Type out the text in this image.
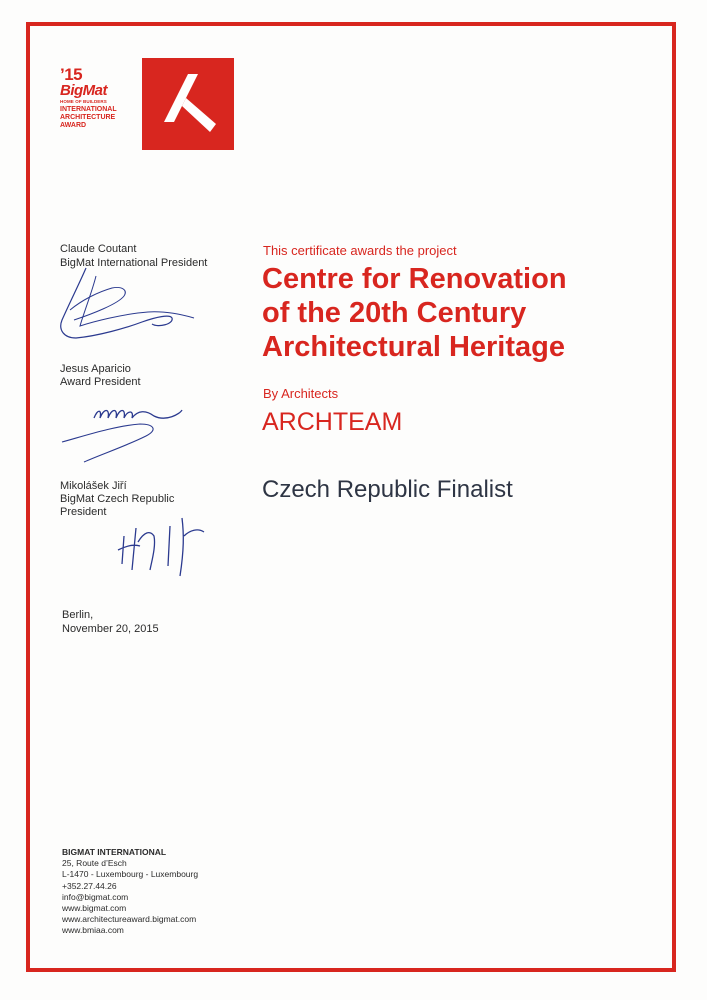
’15
BigMat
HOME OF BUILDERS
INTERNATIONAL
ARCHITECTURE
AWARD
Claude Coutant
BigMat International President
Jesus Aparicio
Award President
Mikolášek Jiří
BigMat Czech Republic President
Berlin,
November 20, 2015
This certificate awards the project
Centre for Renovation
of the 20th Century
Architectural Heritage
By Architects
ARCHTEAM
Czech Republic Finalist
BIGMAT INTERNATIONAL
25, Route d’Esch
L-1470 - Luxembourg - Luxembourg
+352.27.44.26
info@bigmat.com
www.bigmat.com
www.architectureaward.bigmat.com
www.bmiaa.com
